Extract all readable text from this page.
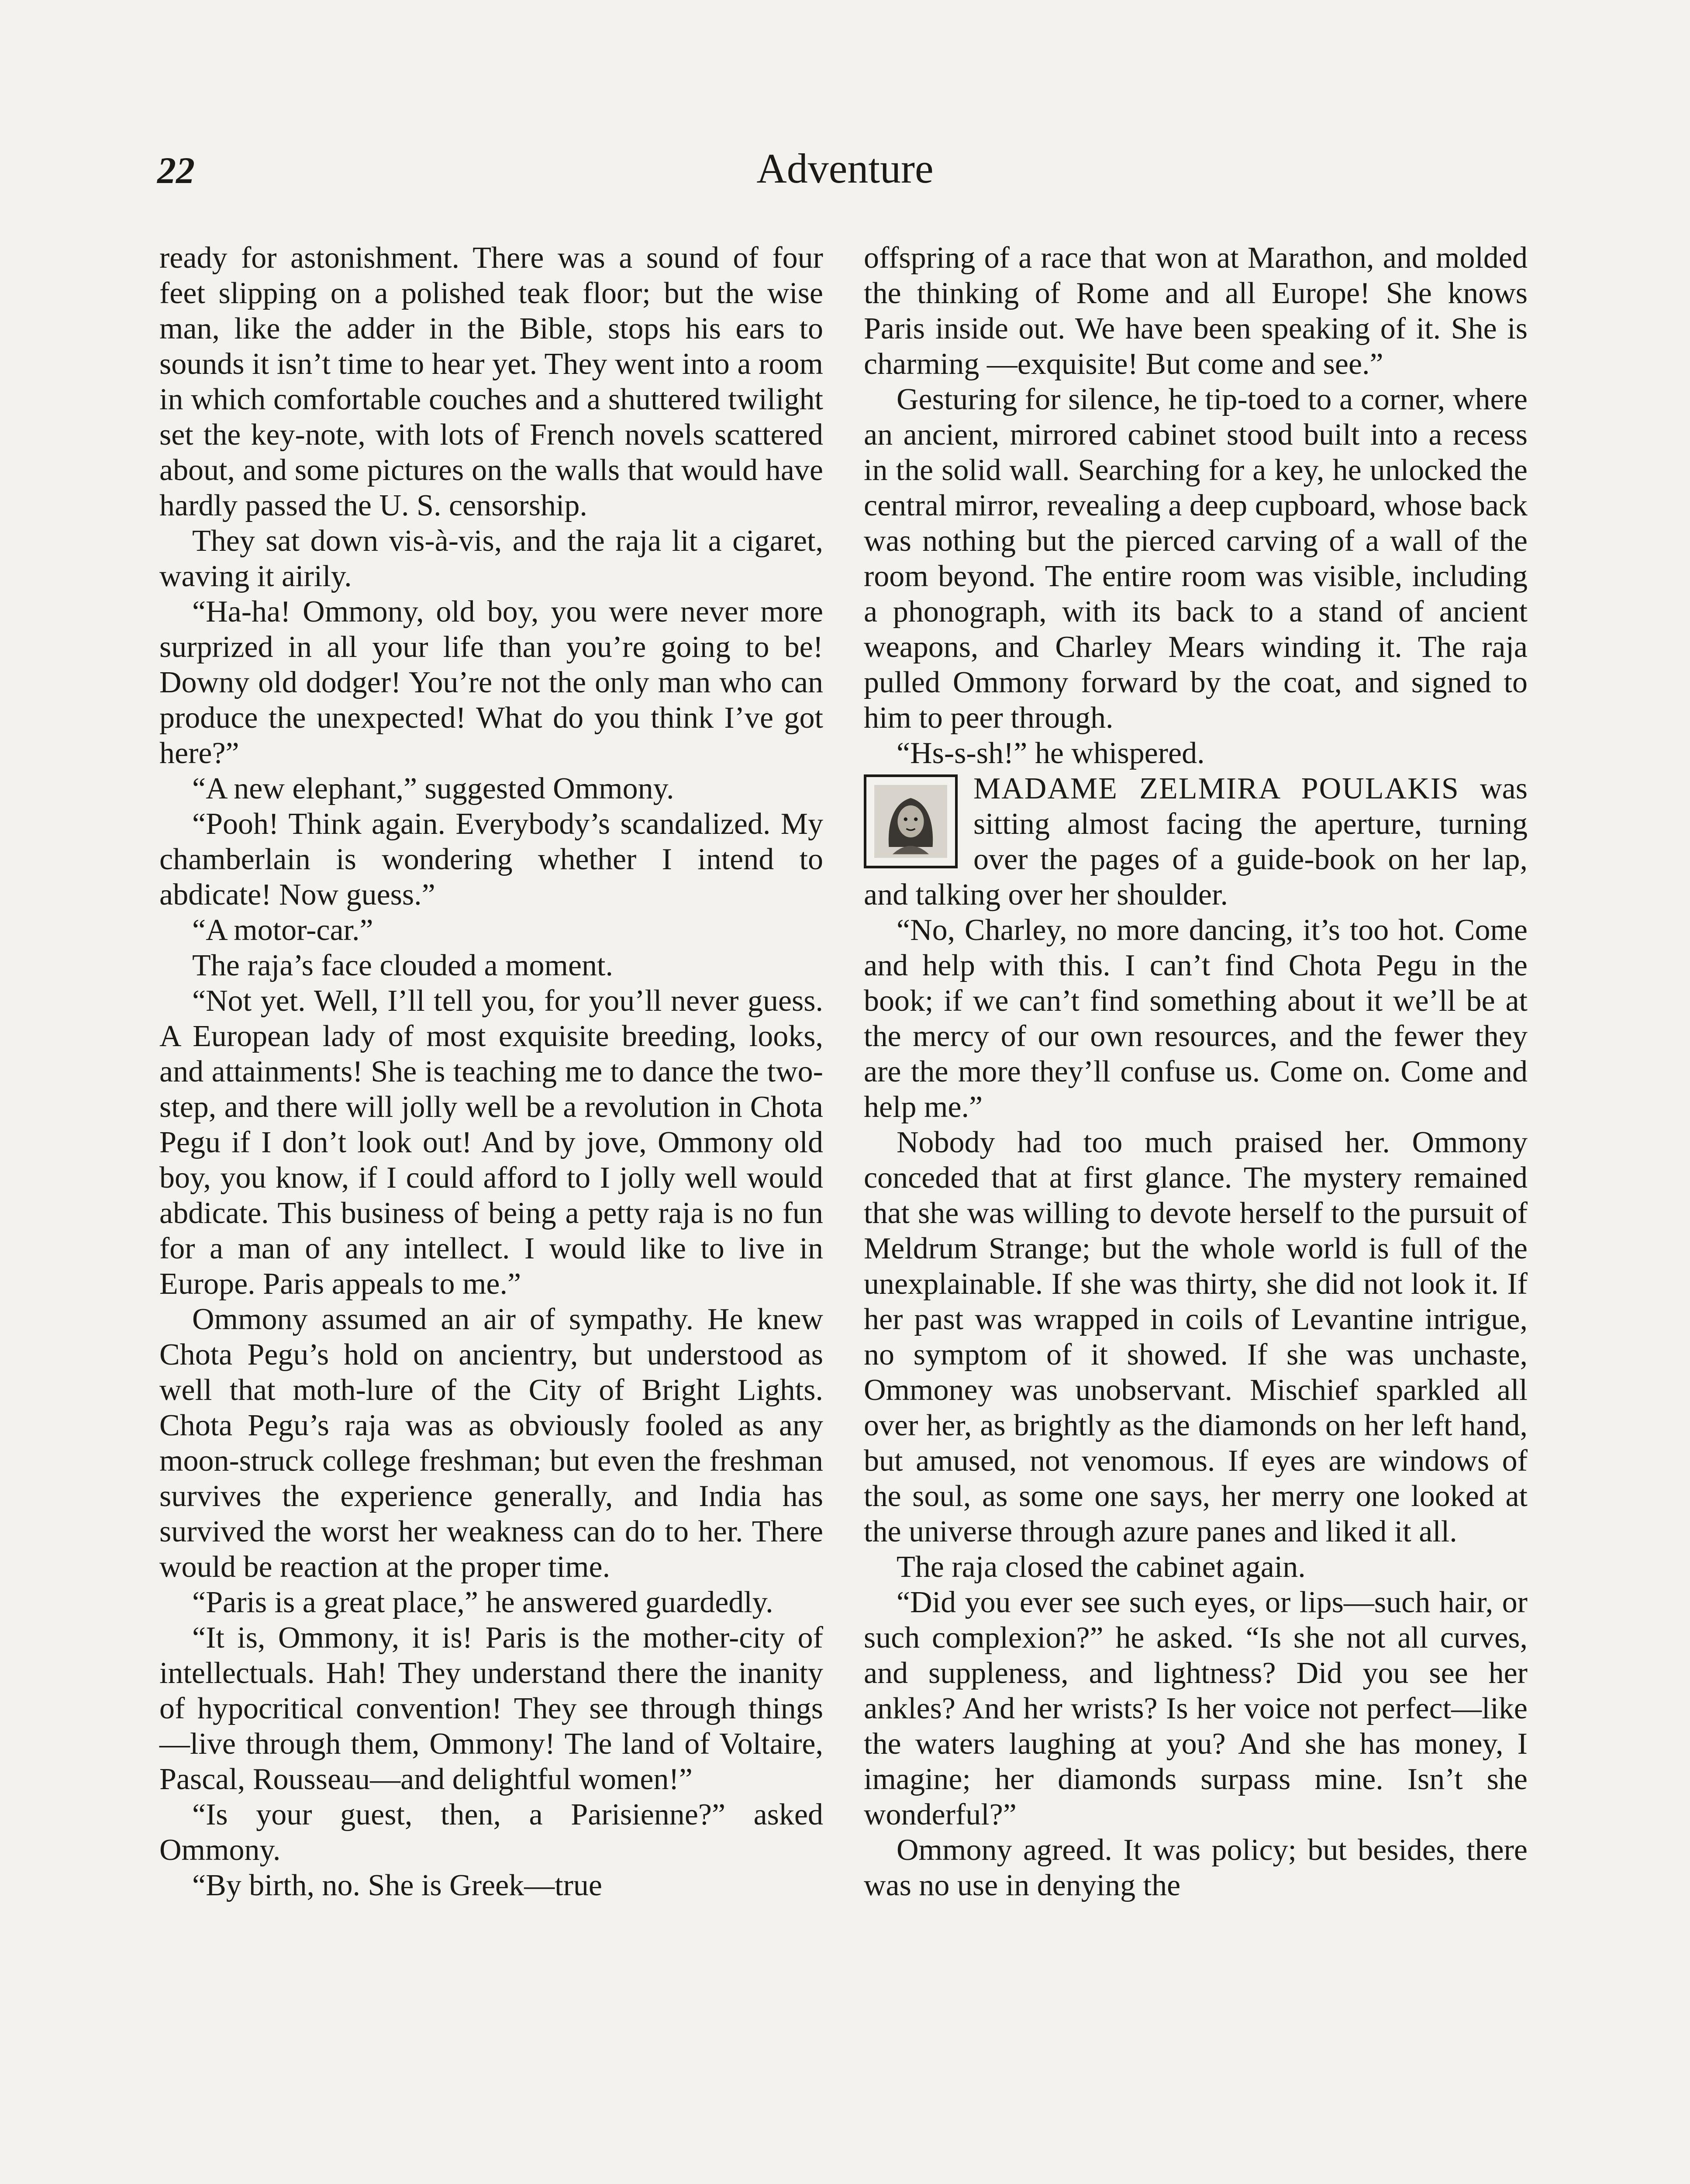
22	Adventure

ready for astonishment. There was a sound of four feet slipping on a polished teak floor; but the wise man, like the adder in the Bible, stops his ears to sounds it isn’t time to hear yet. They went into a room in which comfortable couches and a shuttered twilight set the key-note, with lots of French novels scattered about, and some pictures on the walls that would have hardly passed the U. S. censorship.

They sat down vis-à-vis, and the raja lit a cigaret, waving it airily.

“Ha-ha! Ommony, old boy, you were never more surprized in all your life than you’re going to be! Downy old dodger! You’re not the only man who can produce the unexpected! What do you think I’ve got here?”

“A new elephant,” suggested Ommony.

“Pooh! Think again. Everybody’s scandalized. My chamberlain is wondering whether I intend to abdicate! Now guess.”

“A motor-car.”

The raja’s face clouded a moment.

“Not yet. Well, I’ll tell you, for you’ll never guess. A European lady of most exquisite breeding, looks, and attainments! She is teaching me to dance the two-step, and there will jolly well be a revolution in Chota Pegu if I don’t look out! And by jove, Ommony old boy, you know, if I could afford to I jolly well would abdicate. This business of being a petty raja is no fun for a man of any intellect. I would like to live in Europe. Paris appeals to me.”

Ommony assumed an air of sympathy. He knew Chota Pegu’s hold on ancientry, but understood as well that moth-lure of the City of Bright Lights. Chota Pegu’s raja was as obviously fooled as any moon-struck college freshman; but even the freshman survives the experience generally, and India has survived the worst her weakness can do to her. There would be reaction at the proper time.

“Paris is a great place,” he answered guardedly.

“It is, Ommony, it is! Paris is the mother-city of intellectuals. Hah! They understand there the inanity of hypocritical convention! They see through things—live through them, Ommony! The land of Voltaire, Pascal, Rousseau—and delightful women!”

“Is your guest, then, a Parisienne?” asked Ommony.

“By birth, no. She is Greek—true

offspring of a race that won at Marathon, and molded the thinking of Rome and all Europe! She knows Paris inside out. We have been speaking of it. She is charming —exquisite! But come and see.”

Gesturing for silence, he tip-toed to a corner, where an ancient, mirrored cabinet stood built into a recess in the solid wall. Searching for a key, he unlocked the central mirror, revealing a deep cupboard, whose back was nothing but the pierced carving of a wall of the room beyond. The entire room was visible, including a phonograph, with its back to a stand of ancient weapons, and Charley Mears winding it. The raja pulled Ommony forward by the coat, and signed to him to peer through.

“Hs-s-sh!” he whispered.

MADAME ZELMIRA POULAKIS was sitting almost facing the aperture, turning over the pages of a guide-book on her lap, and talking over her shoulder.

“No, Charley, no more dancing, it’s too hot. Come and help with this. I can’t find Chota Pegu in the book; if we can’t find something about it we’ll be at the mercy of our own resources, and the fewer they are the more they’ll confuse us. Come on. Come and help me.”

Nobody had too much praised her. Ommony conceded that at first glance. The mystery remained that she was willing to devote herself to the pursuit of Meldrum Strange; but the whole world is full of the unexplainable. If she was thirty, she did not look it. If her past was wrapped in coils of Levantine intrigue, no symptom of it showed. If she was unchaste, Ommoney was unobservant. Mischief sparkled all over her, as brightly as the diamonds on her left hand, but amused, not venomous. If eyes are windows of the soul, as some one says, her merry one looked at the universe through azure panes and liked it all.

The raja closed the cabinet again.

“Did you ever see such eyes, or lips—such hair, or such complexion?” he asked. “Is she not all curves, and suppleness, and lightness? Did you see her ankles? And her wrists? Is her voice not perfect—like the waters laughing at you? And she has money, I imagine; her diamonds surpass mine. Isn’t she wonderful?”

Ommony agreed. It was policy; but besides, there was no use in denying the
